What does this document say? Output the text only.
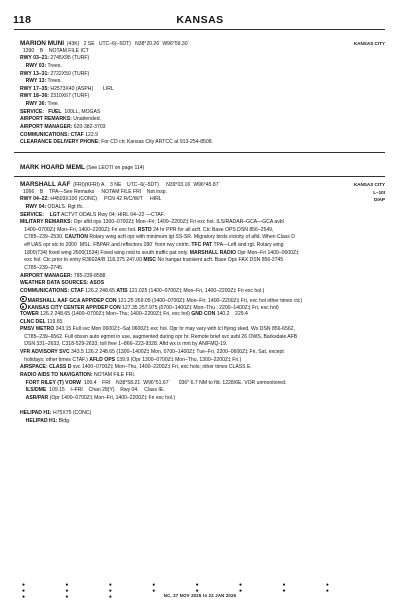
118	KANSAS
KANSAS CITY
MARION MUNI  (43K)   2 SE   UTC–6(–5DT)   N38°20.26´ W96°59.30´
1390    B    NOTAM FILE ICT
RWY 03–21: 2745X95 (TURF)
RWY 03: Trees.
RWY 13–31: 2722X50 (TURF)
RWY 13: Trees.
RWY 17–35: H2573X40 (ASPH)       LIRL
RWY 18–36: 2310X67 (TURF)
RWY 36: Tree.
SERVICE: FUEL  100LL, MOGAS
AIRPORT REMARKS: Unattended.
AIRPORT MANAGER: 620-382-3703
COMMUNICATIONS: CTAF 122.9
CLEARANCE DELIVERY PHONE: For CD ctc Kansas City ARTCC at 913-254-8508.
MARK HOARD MEML (See LEOTI on page 114)
KANSAS CITY
L–10I
DIAP
MARSHALL AAF  (FRI)(KFRI) A    3 NE    UTC–6(–5DT)     N39°03.16´ W96°45.87´
1066    B    TPA—See Remarks     NOTAM FILE FRI    Not insp.
RWY 04–22: H4503X100 (CONC)     PCN 42 R/C/W/T     HIRL
RWY 04: ODALS. Rgt tfc.
SERVICE: LGT ACTVT ODALS Rwy 04; HIRL 04–22 —CTAF.
MILITARY REMARKS: Opr afld ops 1300–0700Z‡ Mon–Fri; 1400–2200Z‡ Fri exc hol. ILS/RADAR–GCA—GCA avbl
1400–0700Z‡ Mon–Fri, 1400–2200Z‡ Fri exc hol. RSTD 24 hr PPR for all acft. Ctc Base OPS DSN 856–2549,
C785–239–2530. CAUTION Rotary wing acft opr with minimum lgt SS-SR. Migratory birds vicinity of afld. When Class D
eff UAS opr stc to 2000´ MSL. FBPAR and reflectors 280´ from rwy cntrln. TFC PAT TPA—Left and rgt. Rotary wing
1800(734) fixed wing 2600(1534) Fixed wing rstd to south traffic pat only. MARSHALL RADIO Opr Mon–Fri 1400–0600Z‡
exc hol. Ctc prior to entry R3602A/B 118.375 247.00 MISC No hangar transient acft. Base Ops FAX DSN 856-2745
C785–239–2745.
AIRPORT MANAGER: 785-239-8588
WEATHER DATA SOURCES: ASOS
COMMUNICATIONS: CTAF 126.2 248.65 ATIS 121.025 (1400–0700Z‡ Mon–Fri, 1400–2200Z‡ Fri exc hol.)
MARSHALL AAF GCA APP/DEP CON 121.25 269.05 (1400–0700Z‡ Mon–Fri; 1400–2200Z‡ Fri, exc hol other times ctc)
KANSAS CITY CENTER APP/DEP CON 127.35 257.975 (0700–1400Z‡ Mon–Thu ; 2200–1400Z‡ Fri, exc hol)
TOWER 126.2 248.65 (1400–0700Z‡ Mon–Thu; 1400–2200Z‡ Fri, exc hol) GND CON 140.2    229.4
CLNC DEL 119.65
PMSV METRO 343.15 Full svc Mon 0600Z‡–Sat 0600Z‡ exc hol. Opr hr may vary with lcl flying sked. Wx DSN 856-6562,
C785–239–6562. Full obsvn auto egmnt in use, augmented during opr hr. Remote brief svc avbl 26 OWS, Barksdale AFB
DSN 331–2633, C318-529-2633, toll free 1–866–223-9328. Afld wx is mnt by AN/FMQ-19.
VFR ADVISORY SVC 343.5 126.2 248.65 (1300–1400Z‡ Mon, 0700–1400Z‡ Tue–Fri, 2200–0600Z‡ Fri, Sat, except
holidays; other times CTAF.) AFLD OPS 139.9 (Opr 1300–0700Z‡ Mon–Thu, 1300–2200Z‡ Fri.)
AIRSPACE: CLASS D svc 1400–0700Z‡ Mon–Thu, 1400–2200Z‡ Fri, exc hols; other times CLASS E.
RADIO AIDS TO NAVIGATION: NOTAM FILE FRI.
FORT RILEY (T) VORW  109.4    FRI    N38°58.21´ W96°51.67´      036° 6.7 NM to fld. 1228/6E. VOR unmonitored.
ILS/DME  109.15    I–FRI    Chan 28(Y)    Rwy 04.    Class IE.
ASR/PAR (Opr 1400–0700Z‡ Mon–Fri, 1400–2200Z‡ Fri exc hol.)
HELIPAD H1: H75X75 (CONC)
HELIPAD H1: Bldg.
● ● ● ● ● ● ● ● ● ● ● ● ● ● ● ● ● ● ●	NC, 27 NOV 2025 to 22 JAN 2026
